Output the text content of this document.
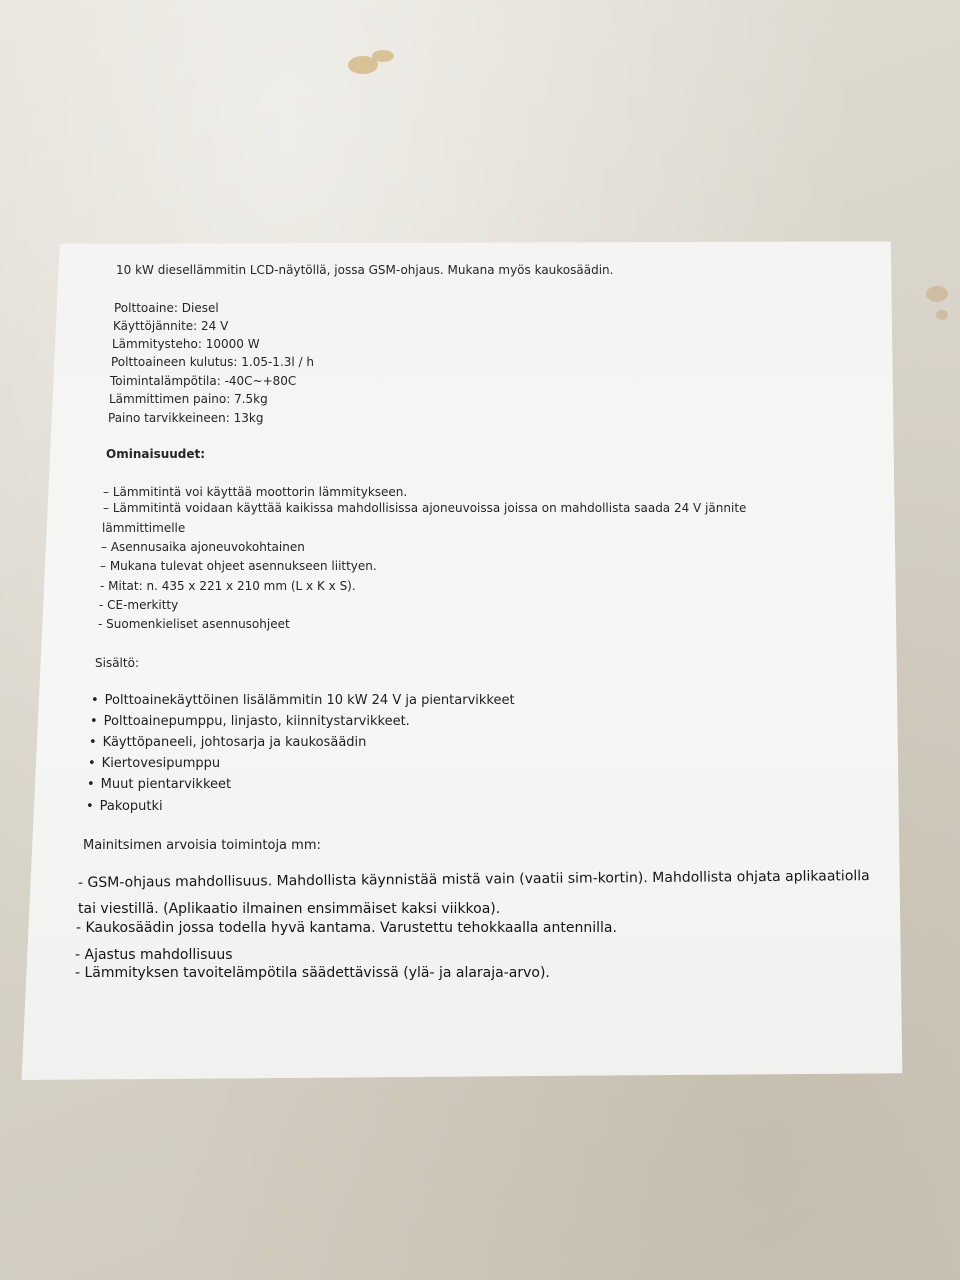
10 kW diesellämmitin LCD-näytöllä, jossa GSM-ohjaus. Mukana myös kaukosäädin.
Polttoaine: Diesel
Käyttöjännite: 24 V
Lämmitysteho: 10000 W
Polttoaineen kulutus: 1.05-1.3l / h
Toimintalämpötila: -40C~+80C
Lämmittimen paino: 7.5kg
Paino tarvikkeineen: 13kg
Ominaisuudet:
– Lämmitintä voi käyttää moottorin lämmitykseen.
– Lämmitintä voidaan käyttää kaikissa mahdollisissa ajoneuvoissa joissa on mahdollista saada 24 V jännite
lämmittimelle
– Asennusaika ajoneuvokohtainen
– Mukana tulevat ohjeet asennukseen liittyen.
- Mitat: n. 435 x 221 x 210 mm (L x K x S).
- CE-merkitty
- Suomenkieliset asennusohjeet
Sisältö:
• Polttoainekäyttöinen lisälämmitin 10 kW 24 V ja pientarvikkeet
• Polttoainepumppu, linjasto, kiinnitystarvikkeet.
• Käyttöpaneeli, johtosarja ja kaukosäädin
• Kiertovesipumppu
• Muut pientarvikkeet
• Pakoputki
Mainitsimen arvoisia toimintoja mm:
- GSM-ohjaus mahdollisuus. Mahdollista käynnistää mistä vain (vaatii sim-kortin). Mahdollista ohjata aplikaatiolla
tai viestillä. (Aplikaatio ilmainen ensimmäiset kaksi viikkoa).
- Kaukosäädin jossa todella hyvä kantama. Varustettu tehokkaalla antennilla.
- Ajastus mahdollisuus
- Lämmityksen tavoitelämpötila säädettävissä (ylä- ja alaraja-arvo).
